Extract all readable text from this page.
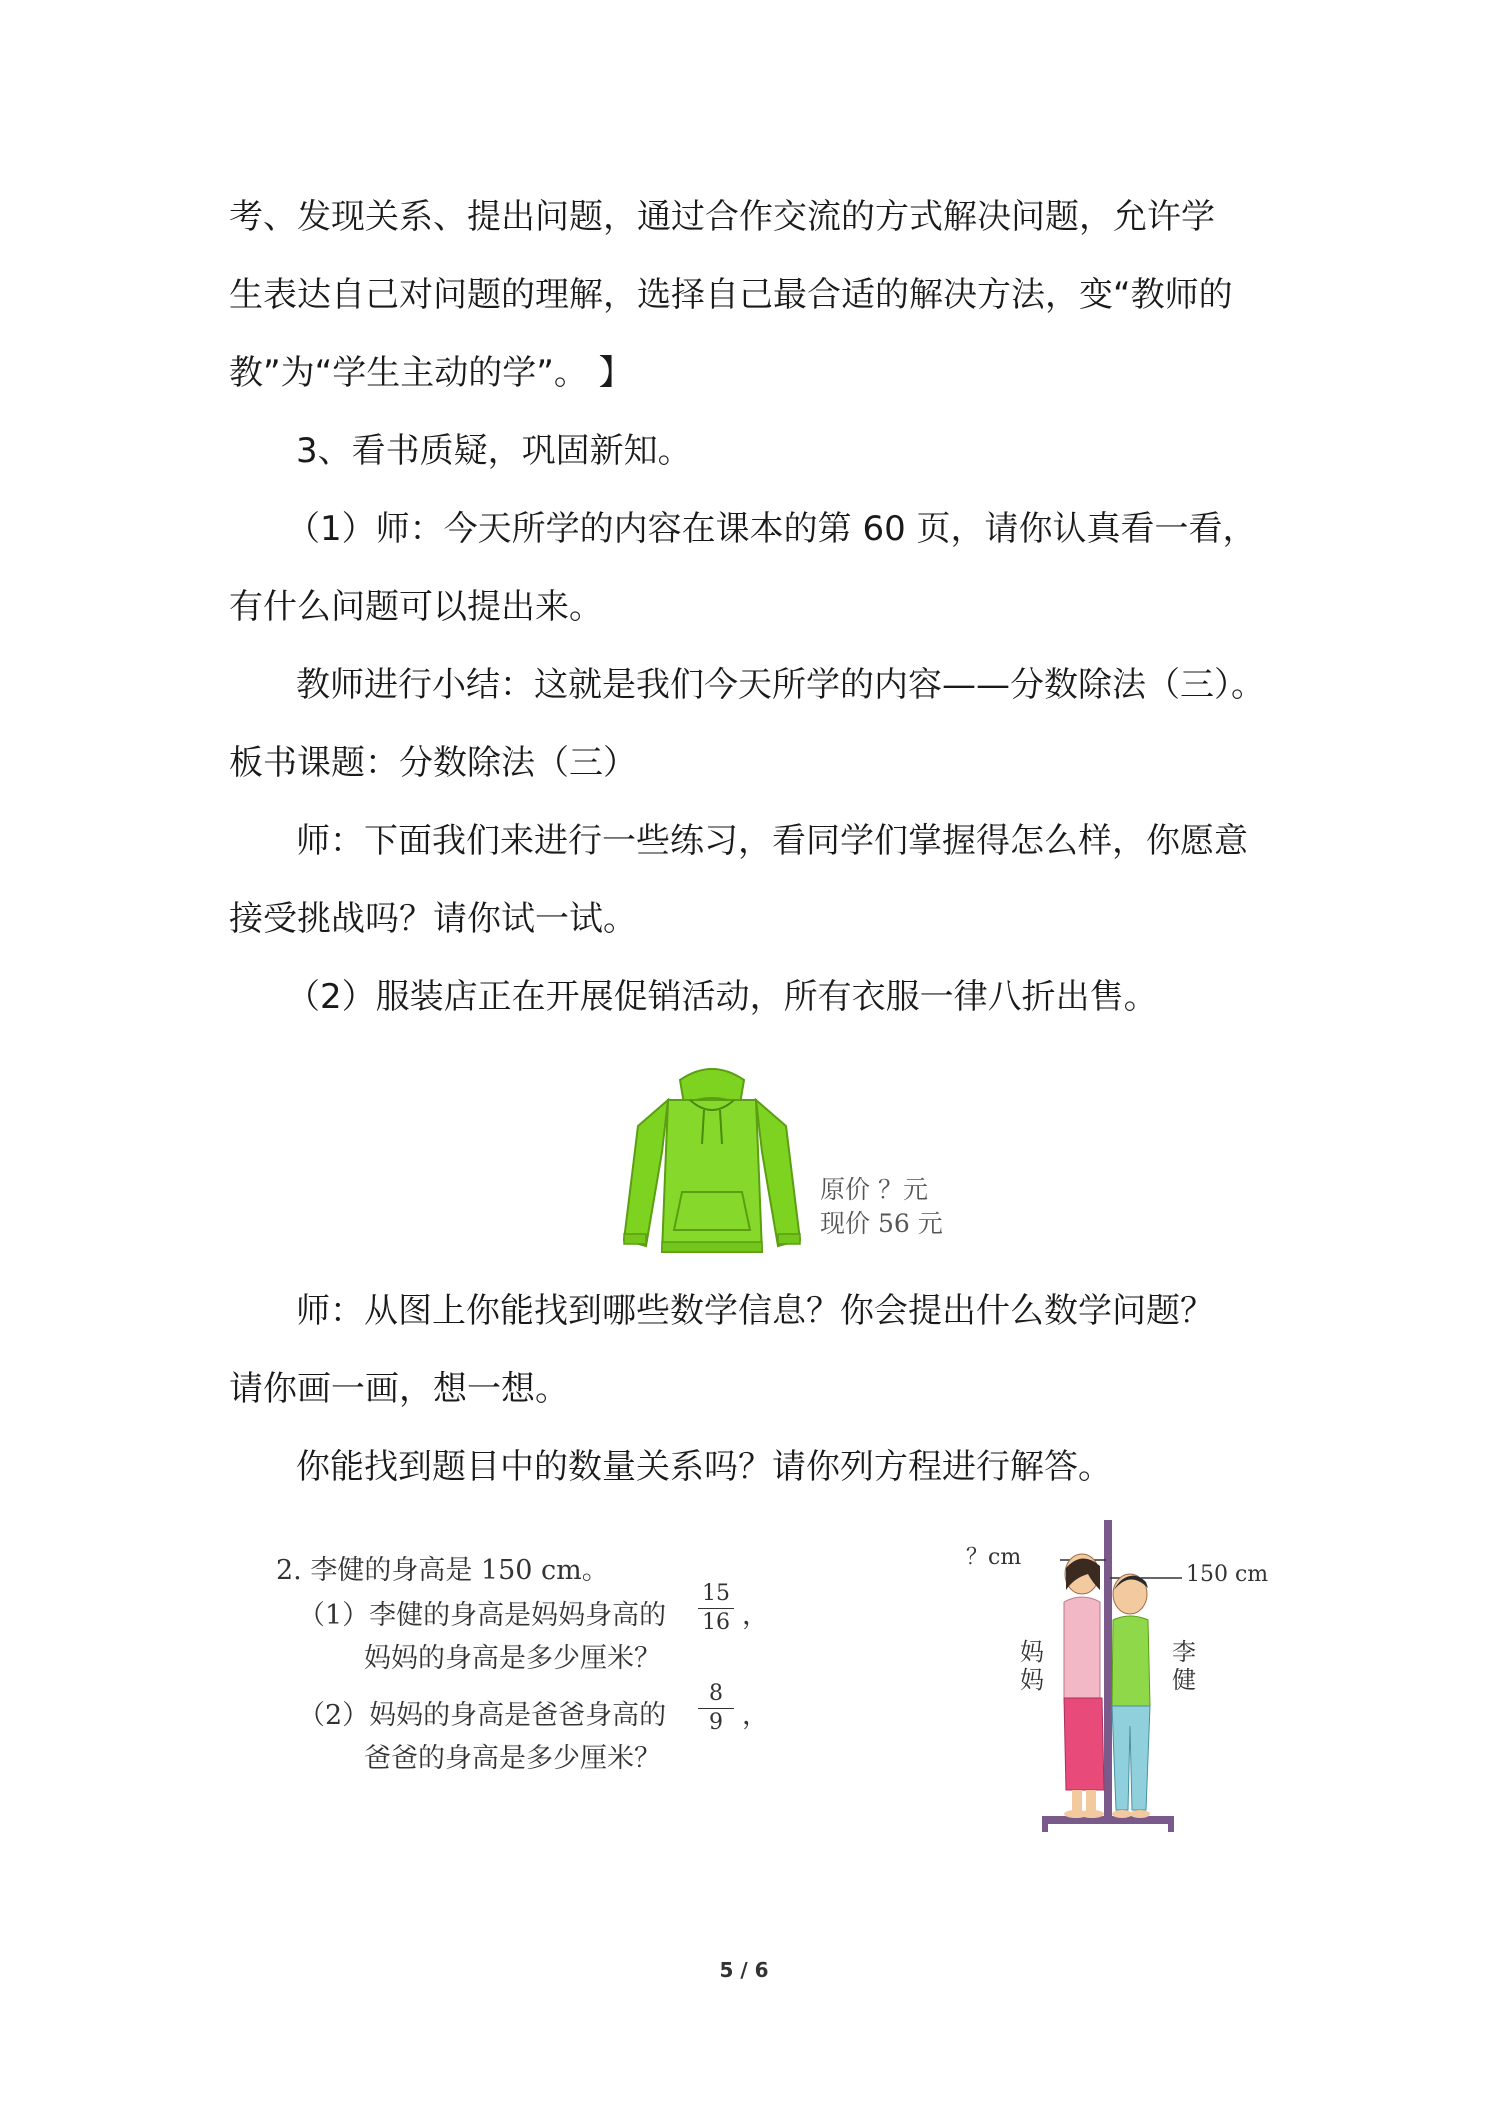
考、发现关系、提出问题，通过合作交流的方式解决问题，允许学
生表达自己对问题的理解，选择自己最合适的解决方法，变“教师的
教”为“学生主动的学”。 】
3、看书质疑，巩固新知。
（1）师：今天所学的内容在课本的第 60 页，请你认真看一看，
有什么问题可以提出来。
教师进行小结：这就是我们今天所学的内容——分数除法（三）。
板书课题：分数除法（三）
师：下面我们来进行一些练习，看同学们掌握得怎么样，你愿意
接受挑战吗？请你试一试。
（2）服装店正在开展促销活动，所有衣服一律八折出售。
原价 ？元
现价 56 元
师：从图上你能找到哪些数学信息？你会提出什么数学问题？
请你画一画，想一想。
你能找到题目中的数量关系吗？请你列方程进行解答。
2. 李健的身高是 150 cm。
（1）李健的身高是妈妈身高的
15
16 ，
妈妈的身高是多少厘米？
（2）妈妈的身高是爸爸身高的
8
9 ，
爸爸的身高是多少厘米？
？cm
150 cm
妈妈
李健
5 / 6
